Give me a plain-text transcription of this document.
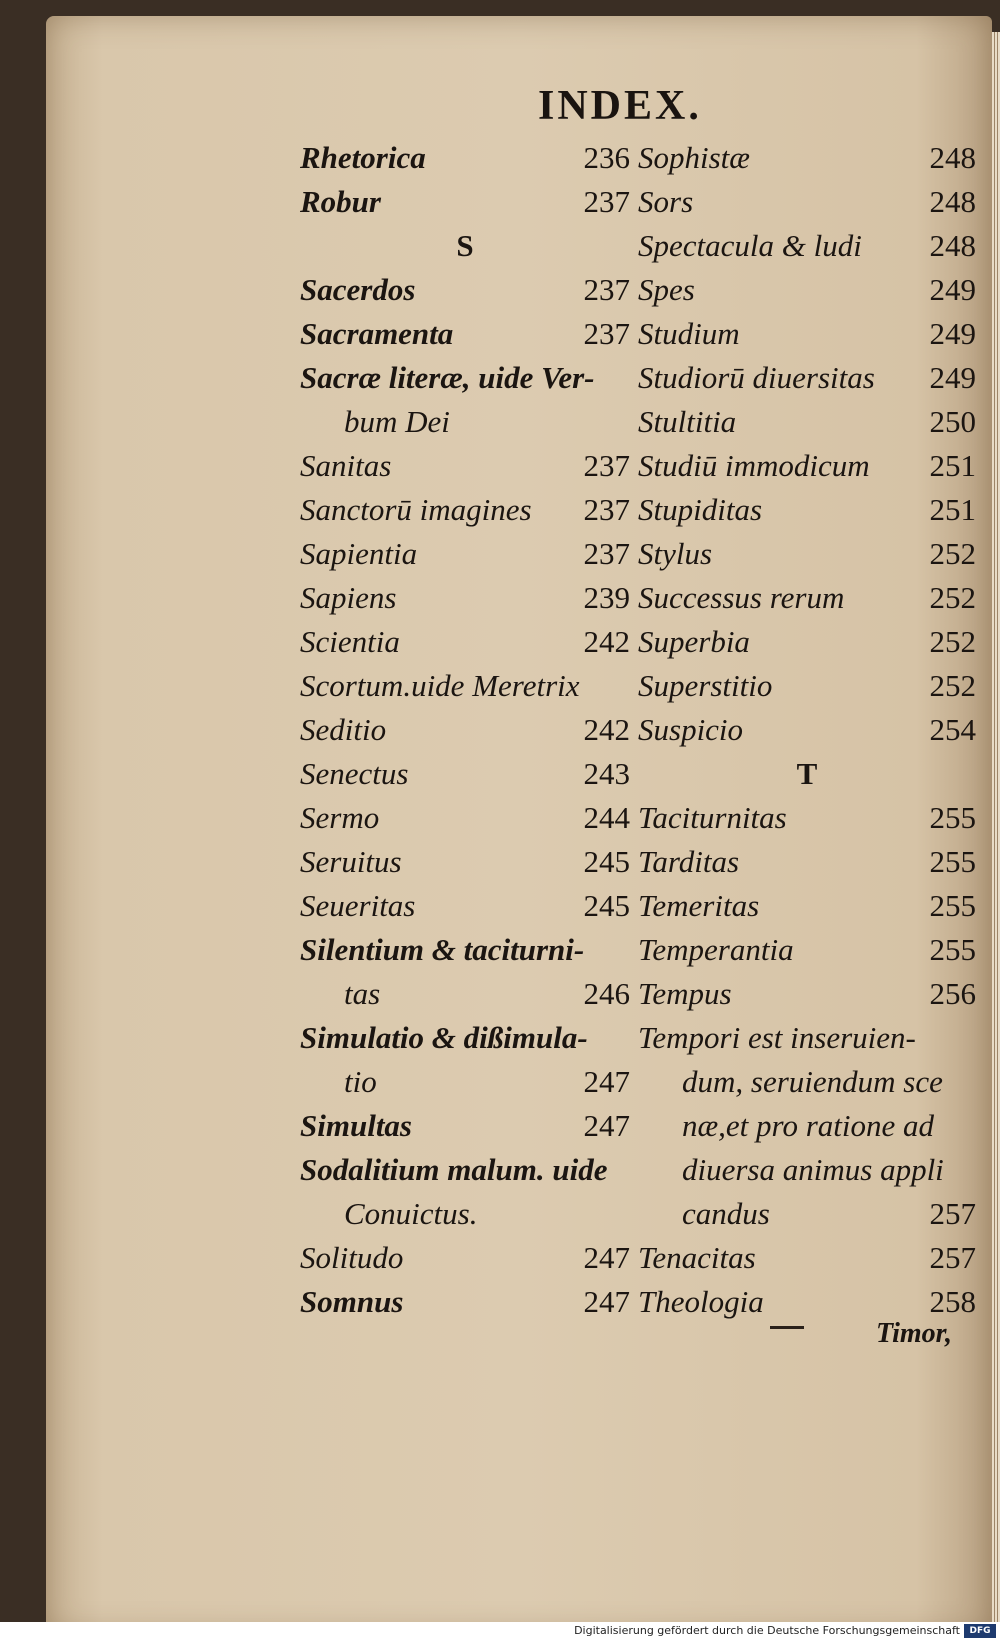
INDEX.
Rhetorica	236
Robur	237
S
Sacerdos	237
Sacramenta	237
Sacræ literæ, uide Ver-
bum Dei
Sanitas	237
Sanctorū imagines 237
Sapientia	237
Sapiens	239
Scientia	242
Scortum.uide Meretrix
Seditio	242
Senectus	243
Sermo	244
Seruitus	245
Seueritas	245
Silentium & taciturni-
tas	246
Simulatio & dißimula-
tio	247
Simultas	247
Sodalitium malum. uide
Conuictus.
Solitudo	247
Somnus	247
Sophistæ	248
Sors	248
Spectacula & ludi 248
Spes	249
Studium	249
Studiorū diuersitas 249
Stultitia	250
Studiū immodicum 251
Stupiditas	251
Stylus	252
Successus rerum	252
Superbia	252
Superstitio	252
Suspicio	254
T
Taciturnitas	255
Tarditas	255
Temeritas	255
Temperantia	255
Tempus	256
Tempori est inseruien-
dum, seruiendum sce
næ,et pro ratione ad
diuersa animus appli
candus	257
Tenacitas	257
Theologia	258
Timor,
Digitalisierung gefördert durch die Deutsche Forschungsgemeinschaft	DFG
